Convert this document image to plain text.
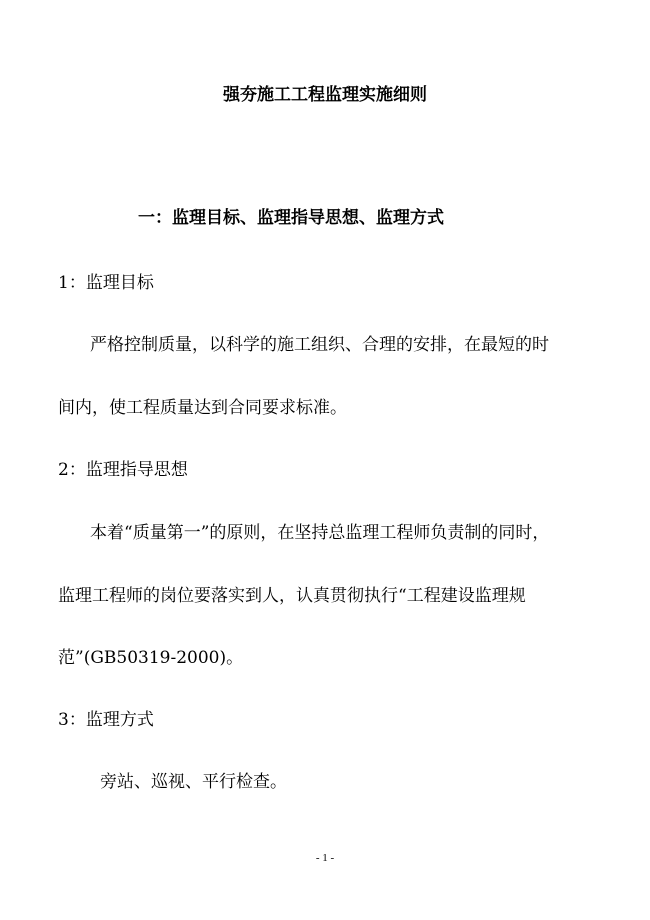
强夯施工工程监理实施细则
一：监理目标、监理指导思想、监理方式
1：监理目标
严格控制质量，以科学的施工组织、合理的安排，在最短的时
间内，使工程质量达到合同要求标准。
2：监理指导思想
本着“质量第一”的原则，在坚持总监理工程师负责制的同时，
监理工程师的岗位要落实到人，认真贯彻执行“工程建设监理规
范”(GB50319-2000)。
3：监理方式
旁站、巡视、平行检查。
- 1 -
